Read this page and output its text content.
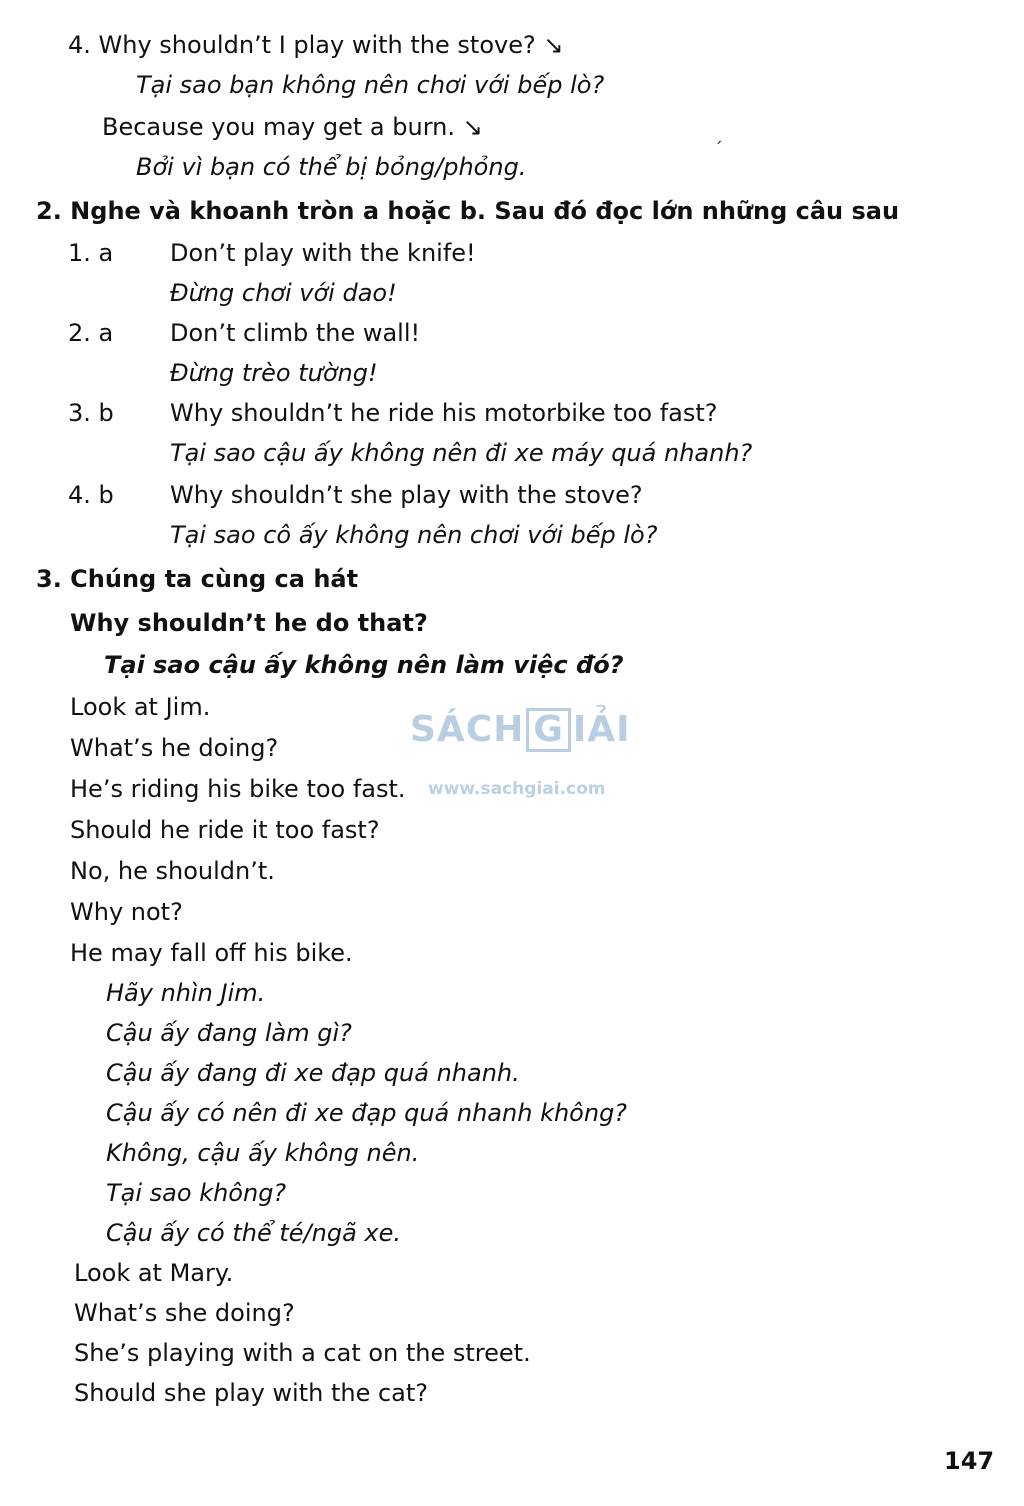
4. Why shouldn’t I play with the stove? ↘
Tại sao bạn không nên chơi với bếp lò?
Because you may get a burn. ↘
Bởi vì bạn có thể bị bỏng/phỏng.
´
2. Nghe và khoanh tròn a hoặc b. Sau đó đọc lớn những câu sau
1. a Don’t play with the knife!
Đừng chơi với dao!
2. a Don’t climb the wall!
Đừng trèo tường!
3. b Why shouldn’t he ride his motorbike too fast?
Tại sao cậu ấy không nên đi xe máy quá nhanh?
4. b Why shouldn’t she play with the stove?
Tại sao cô ấy không nên chơi với bếp lò?
3. Chúng ta cùng ca hát
Why shouldn’t he do that?
Tại sao cậu ấy không nên làm việc đó?
Look at Jim.
What’s he doing?
He’s riding his bike too fast.
Should he ride it too fast?
No, he shouldn’t.
Why not?
He may fall off his bike.
Hãy nhìn Jim.
Cậu ấy đang làm gì?
Cậu ấy đang đi xe đạp quá nhanh.
Cậu ấy có nên đi xe đạp quá nhanh không?
Không, cậu ấy không nên.
Tại sao không?
Cậu ấy có thể té/ngã xe.
Look at Mary.
What’s she doing?
She’s playing with a cat on the street.
Should she play with the cat?
SÁCH G IẢI
www.sachgiai.com
147
